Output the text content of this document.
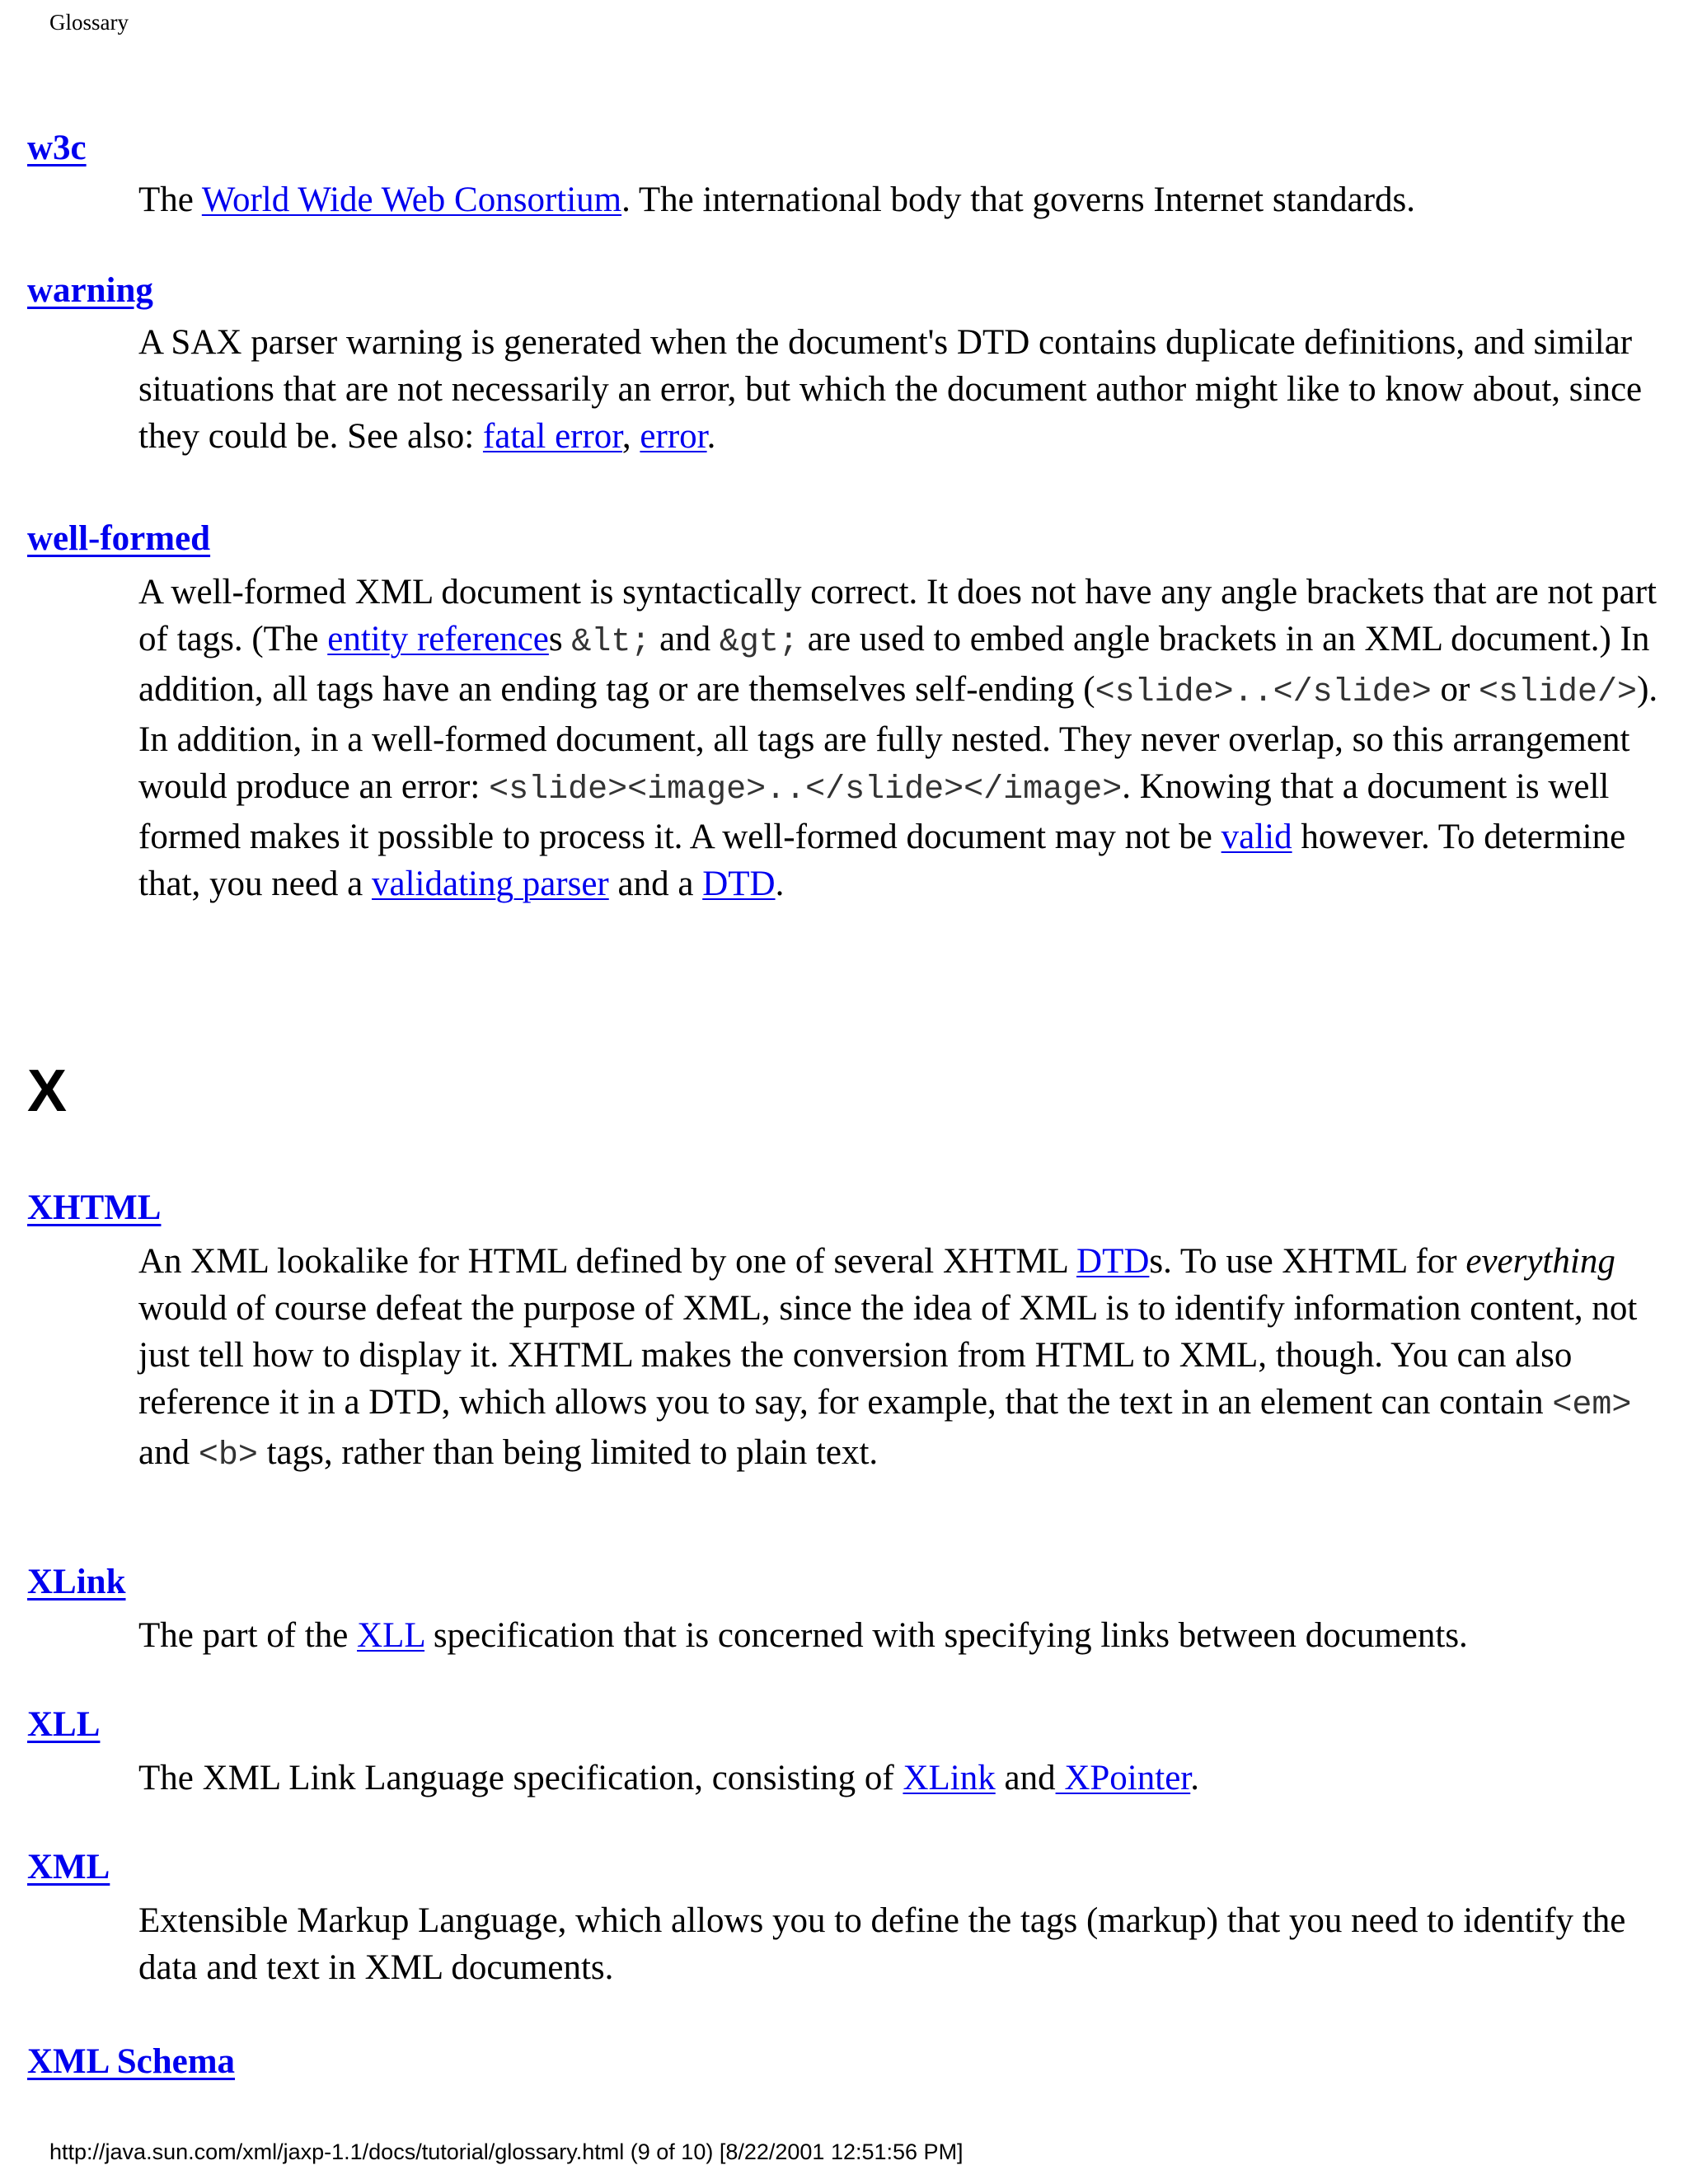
Glossary
w3c

The World Wide Web Consortium. The international body that governs Internet standards.

warning

A SAX parser warning is generated when the document's DTD contains duplicate definitions, and similar situations that are not necessarily an error, but which the document author might like to know about, since they could be. See also: fatal error, error.

well-formed

A well-formed XML document is syntactically correct. It does not have any angle brackets that are not part of tags. (The entity references &lt; and &gt; are used to embed angle brackets in an XML document.) In addition, all tags have an ending tag or are themselves self-ending (<slide>..</slide> or <slide/>). In addition, in a well-formed document, all tags are fully nested. They never overlap, so this arrangement would produce an error: <slide><image>..</slide></image>. Knowing that a document is well formed makes it possible to process it. A well-formed document may not be valid however. To determine that, you need a validating parser and a DTD.

X
XHTML

An XML lookalike for HTML defined by one of several XHTML DTDs. To use XHTML for everything would of course defeat the purpose of XML, since the idea of XML is to identify information content, not just tell how to display it. XHTML makes the conversion from HTML to XML, though. You can also reference it in a DTD, which allows you to say, for example, that the text in an element can contain <em> and <b> tags, rather than being limited to plain text.

XLink

The part of the XLL specification that is concerned with specifying links between documents.

XLL

The XML Link Language specification, consisting of XLink and XPointer.

XML

Extensible Markup Language, which allows you to define the tags (markup) that you need to identify the data and text in XML documents.

XML Schema
http://java.sun.com/xml/jaxp-1.1/docs/tutorial/glossary.html (9 of 10) [8/22/2001 12:51:56 PM]
